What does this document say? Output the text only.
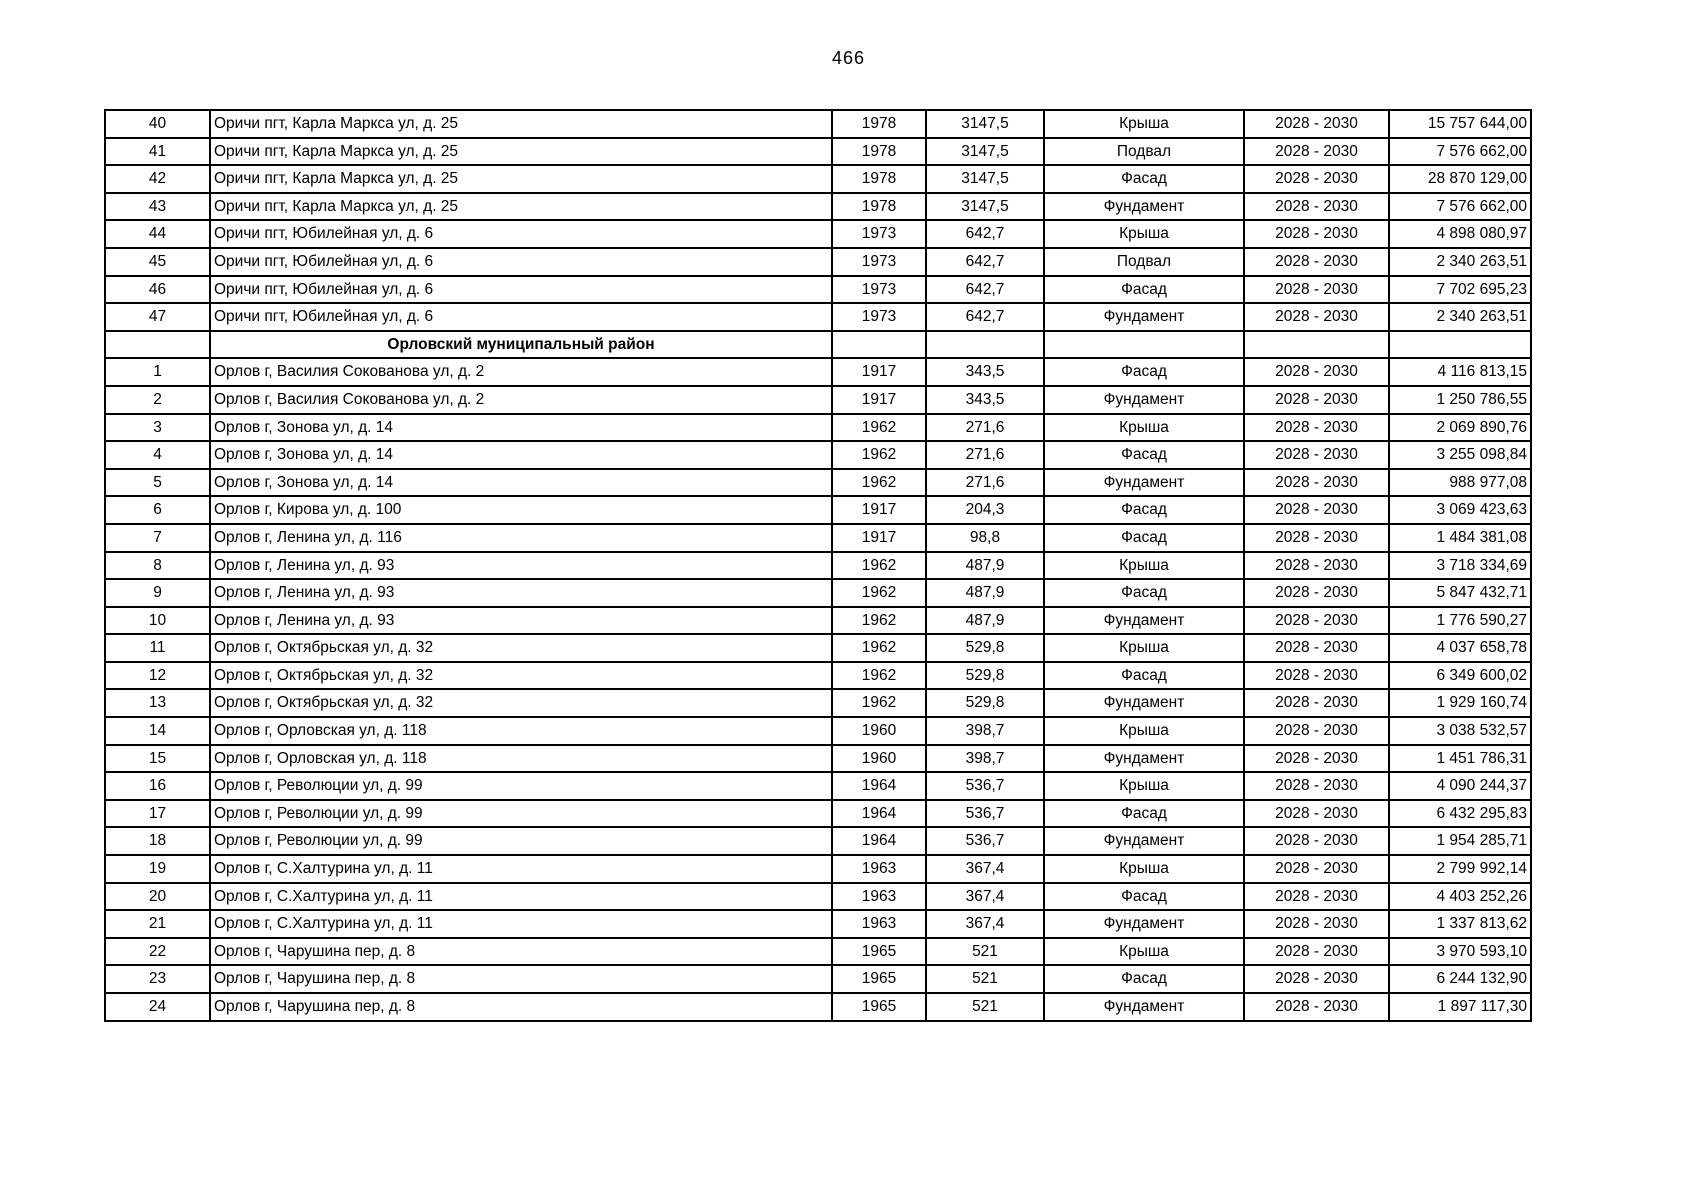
466
40	Оричи пгт, Карла Маркса ул, д. 25	1978	3147,5	Крыша	2028 - 2030	15 757 644,00
41	Оричи пгт, Карла Маркса ул, д. 25	1978	3147,5	Подвал	2028 - 2030	7 576 662,00
42	Оричи пгт, Карла Маркса ул, д. 25	1978	3147,5	Фасад	2028 - 2030	28 870 129,00
43	Оричи пгт, Карла Маркса ул, д. 25	1978	3147,5	Фундамент	2028 - 2030	7 576 662,00
44	Оричи пгт, Юбилейная ул, д. 6	1973	642,7	Крыша	2028 - 2030	4 898 080,97
45	Оричи пгт, Юбилейная ул, д. 6	1973	642,7	Подвал	2028 - 2030	2 340 263,51
46	Оричи пгт, Юбилейная ул, д. 6	1973	642,7	Фасад	2028 - 2030	7 702 695,23
47	Оричи пгт, Юбилейная ул, д. 6	1973	642,7	Фундамент	2028 - 2030	2 340 263,51
	Орловский муниципальный район					
1	Орлов г, Василия Сокованова ул, д. 2	1917	343,5	Фасад	2028 - 2030	4 116 813,15
2	Орлов г, Василия Сокованова ул, д. 2	1917	343,5	Фундамент	2028 - 2030	1 250 786,55
3	Орлов г, Зонова ул, д. 14	1962	271,6	Крыша	2028 - 2030	2 069 890,76
4	Орлов г, Зонова ул, д. 14	1962	271,6	Фасад	2028 - 2030	3 255 098,84
5	Орлов г, Зонова ул, д. 14	1962	271,6	Фундамент	2028 - 2030	988 977,08
6	Орлов г, Кирова ул, д. 100	1917	204,3	Фасад	2028 - 2030	3 069 423,63
7	Орлов г, Ленина ул, д. 116	1917	98,8	Фасад	2028 - 2030	1 484 381,08
8	Орлов г, Ленина ул, д. 93	1962	487,9	Крыша	2028 - 2030	3 718 334,69
9	Орлов г, Ленина ул, д. 93	1962	487,9	Фасад	2028 - 2030	5 847 432,71
10	Орлов г, Ленина ул, д. 93	1962	487,9	Фундамент	2028 - 2030	1 776 590,27
11	Орлов г, Октябрьская ул, д. 32	1962	529,8	Крыша	2028 - 2030	4 037 658,78
12	Орлов г, Октябрьская ул, д. 32	1962	529,8	Фасад	2028 - 2030	6 349 600,02
13	Орлов г, Октябрьская ул, д. 32	1962	529,8	Фундамент	2028 - 2030	1 929 160,74
14	Орлов г, Орловская ул, д. 118	1960	398,7	Крыша	2028 - 2030	3 038 532,57
15	Орлов г, Орловская ул, д. 118	1960	398,7	Фундамент	2028 - 2030	1 451 786,31
16	Орлов г, Революции ул, д. 99	1964	536,7	Крыша	2028 - 2030	4 090 244,37
17	Орлов г, Революции ул, д. 99	1964	536,7	Фасад	2028 - 2030	6 432 295,83
18	Орлов г, Революции ул, д. 99	1964	536,7	Фундамент	2028 - 2030	1 954 285,71
19	Орлов г, С.Халтурина ул, д. 11	1963	367,4	Крыша	2028 - 2030	2 799 992,14
20	Орлов г, С.Халтурина ул, д. 11	1963	367,4	Фасад	2028 - 2030	4 403 252,26
21	Орлов г, С.Халтурина ул, д. 11	1963	367,4	Фундамент	2028 - 2030	1 337 813,62
22	Орлов г, Чарушина пер, д. 8	1965	521	Крыша	2028 - 2030	3 970 593,10
23	Орлов г, Чарушина пер, д. 8	1965	521	Фасад	2028 - 2030	6 244 132,90
24	Орлов г, Чарушина пер, д. 8	1965	521	Фундамент	2028 - 2030	1 897 117,30
